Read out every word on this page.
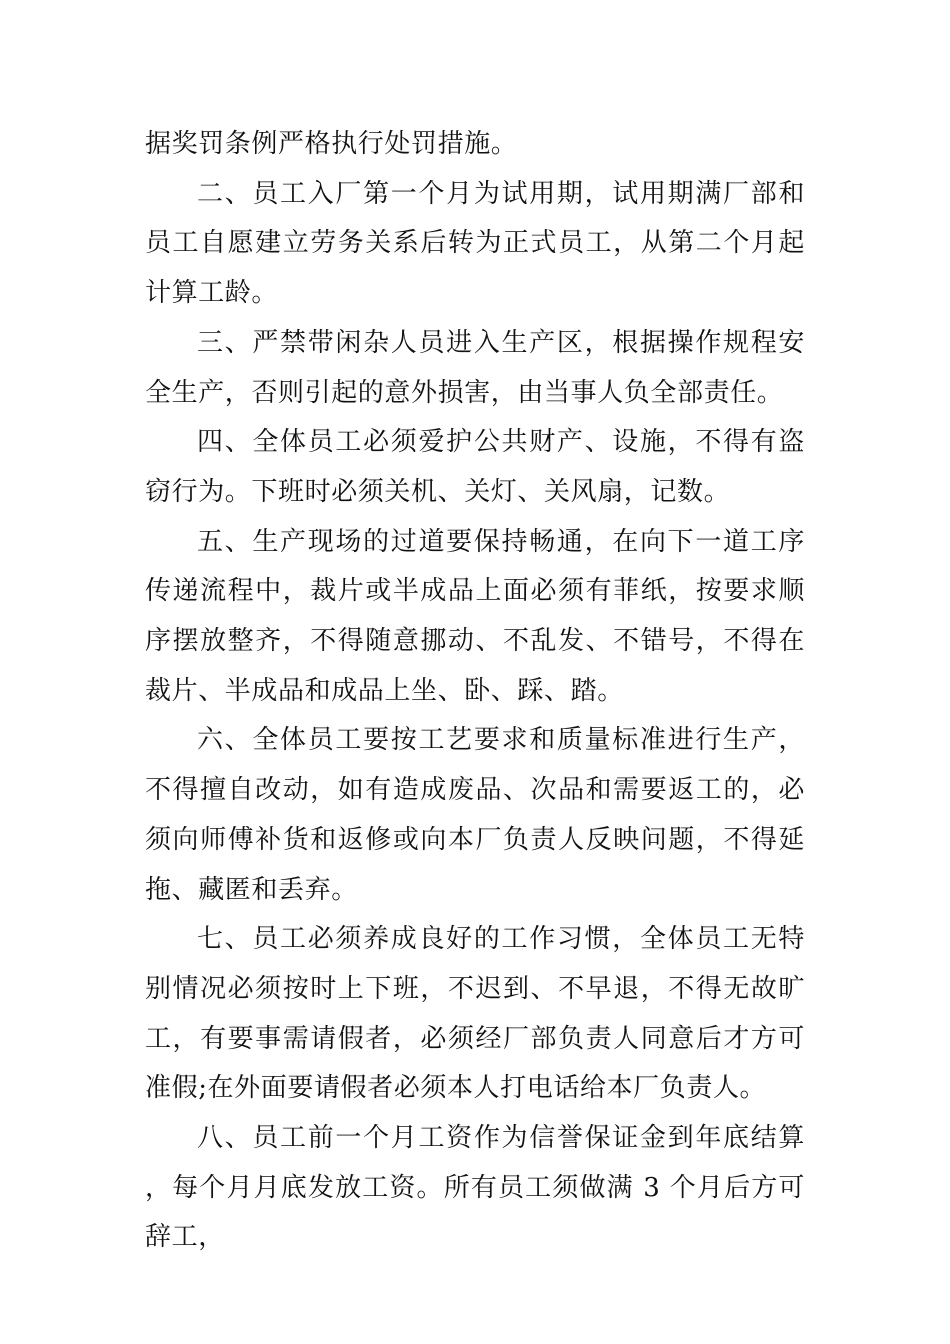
据奖罚条例严格执行处罚措施。

二、员工入厂第一个月为试用期，试用期满厂部和员工自愿建立劳务关系后转为正式员工，从第二个月起计算工龄。

三、严禁带闲杂人员进入生产区，根据操作规程安全生产，否则引起的意外损害，由当事人负全部责任。

四、全体员工必须爱护公共财产、设施，不得有盗窃行为。下班时必须关机、关灯、关风扇，记数。

五、生产现场的过道要保持畅通，在向下一道工序传递流程中，裁片或半成品上面必须有菲纸，按要求顺序摆放整齐，不得随意挪动、不乱发、不错号，不得在裁片、半成品和成品上坐、卧、踩、踏。

六、全体员工要按工艺要求和质量标准进行生产，不得擅自改动，如有造成废品、次品和需要返工的，必须向师傅补货和返修或向本厂负责人反映问题，不得延拖、藏匿和丢弃。

七、员工必须养成良好的工作习惯，全体员工无特别情况必须按时上下班，不迟到、不早退，不得无故旷工，有要事需请假者，必须经厂部负责人同意后才方可准假;在外面要请假者必须本人打电话给本厂负责人。

八、员工前一个月工资作为信誉保证金到年底结算，每个月月底发放工资。所有员工须做满 3 个月后方可辞工，
